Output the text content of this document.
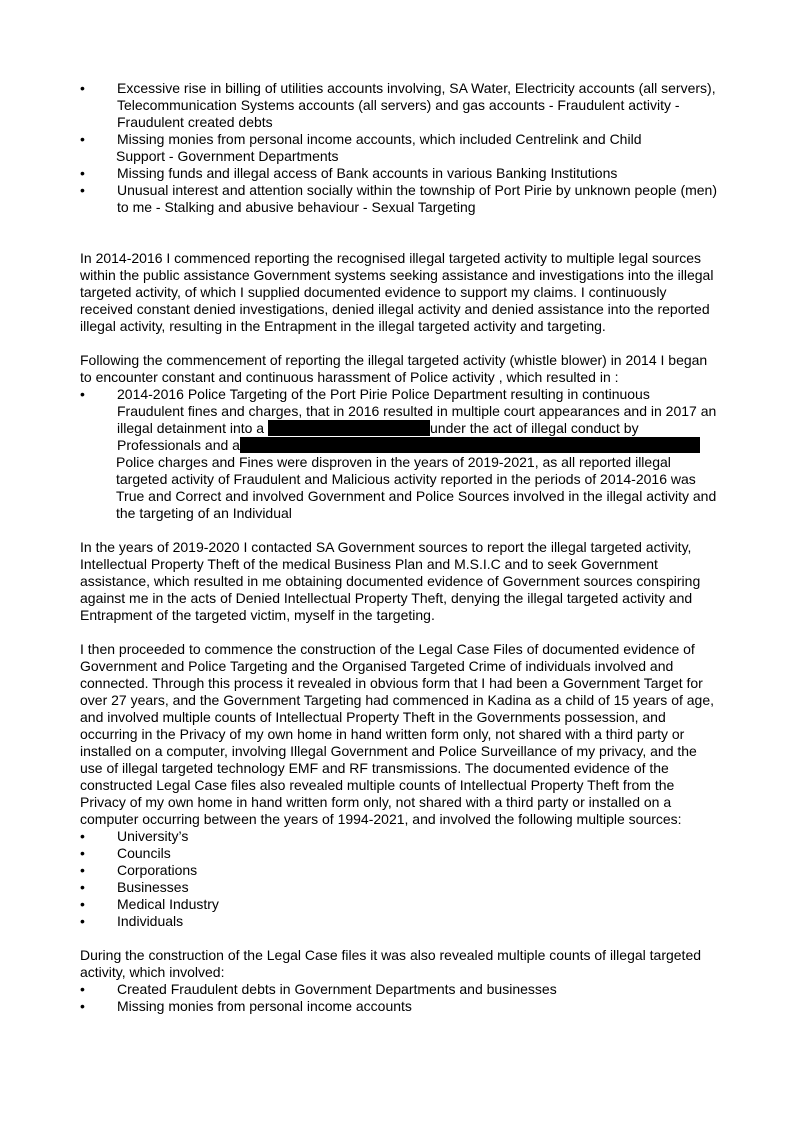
• Excessive rise in billing of utilities accounts involving, SA Water, Electricity accounts (all servers), Telecommunication Systems accounts (all servers) and gas accounts - Fraudulent activity - Fraudulent created debts
• Missing monies from personal income accounts, which included Centrelink and Child

Support - Government Departments

• Missing funds and illegal access of Bank accounts in various Banking Institutions
• Unusual interest and attention socially within the township of Port Pirie by unknown people (men) to me - Stalking and abusive behaviour - Sexual Targeting

In 2014-2016 I commenced reporting the recognised illegal targeted activity to multiple legal sources within the public assistance Government systems seeking assistance and investigations into the illegal targeted activity, of which I supplied documented evidence to support my claims. I continuously received constant denied investigations, denied illegal activity and denied assistance into the reported illegal activity, resulting in the Entrapment in the illegal targeted activity and targeting.

Following the commencement of reporting the illegal targeted activity (whistle blower) in 2014 I began to encounter constant and continuous harassment of Police activity , which resulted in :

• 2014-2016 Police Targeting of the Port Pirie Police Department resulting in continuous Fraudulent fines and charges, that in 2016 resulted in multiple court appearances and in 2017 an illegal detainment into a	under the act of illegal conduct by Professionals and a

Police charges and Fines were disproven in the years of 2019-2021, as all reported illegal targeted activity of Fraudulent and Malicious activity reported in the periods of 2014-2016 was True and Correct and involved Government and Police Sources involved in the illegal activity and the targeting of an Individual

In the years of 2019-2020 I contacted SA Government sources to report the illegal targeted activity, Intellectual Property Theft of the medical Business Plan and M.S.I.C and to seek Government assistance, which resulted in me obtaining documented evidence of Government sources conspiring against me in the acts of Denied Intellectual Property Theft, denying the illegal targeted activity and Entrapment of the targeted victim, myself in the targeting.

I then proceeded to commence the construction of the Legal Case Files of documented evidence of Government and Police Targeting and the Organised Targeted Crime of individuals involved and connected. Through this process it revealed in obvious form that I had been a Government Target for over 27 years, and the Government Targeting had commenced in Kadina as a child of 15 years of age, and involved multiple counts of Intellectual Property Theft in the Governments possession, and occurring in the Privacy of my own home in hand written form only, not shared with a third party or installed on a computer, involving Illegal Government and Police Surveillance of my privacy, and the use of illegal targeted technology EMF and RF transmissions. The documented evidence of the constructed Legal Case files also revealed multiple counts of Intellectual Property Theft from the Privacy of my own home in hand written form only, not shared with a third party or installed on a computer occurring between the years of 1994-2021, and involved the following multiple sources:

• University’s
• Councils
• Corporations
• Businesses
• Medical Industry
• Individuals

During the construction of the Legal Case files it was also revealed multiple counts of illegal targeted activity, which involved:

• Created Fraudulent debts in Government Departments and businesses
• Missing monies from personal income accounts
